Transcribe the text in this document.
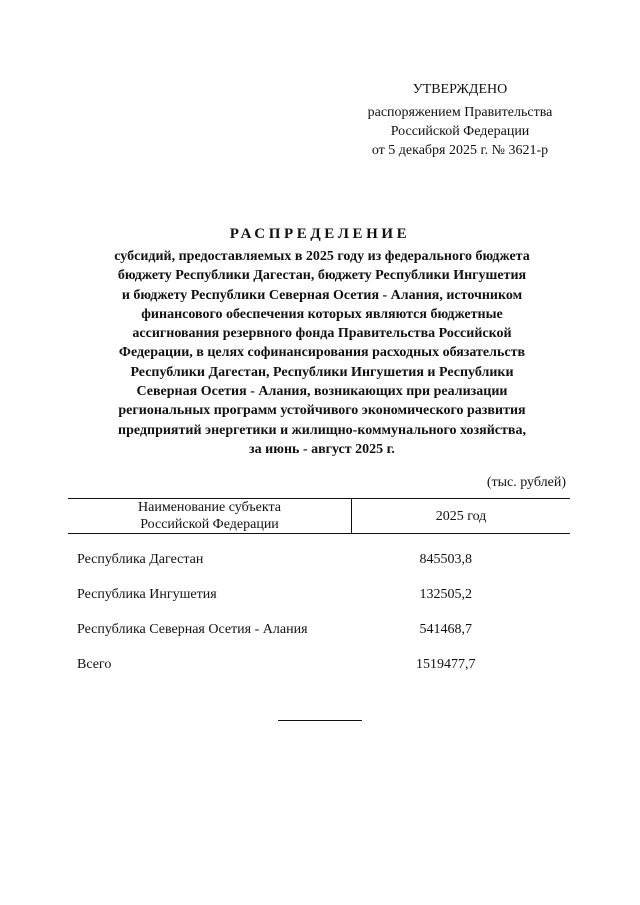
УТВЕРЖДЕНО
распоряжением Правительства
Российской Федерации
от 5 декабря 2025 г. № 3621-р
РАСПРЕДЕЛЕНИЕ
субсидий, предоставляемых в 2025 году из федерального бюджета
бюджету Республики Дагестан, бюджету Республики Ингушетия
и бюджету Республики Северная Осетия - Алания, источником
финансового обеспечения которых являются бюджетные
ассигнования резервного фонда Правительства Российской
Федерации, в целях софинансирования расходных обязательств
Республики Дагестан, Республики Ингушетия и Республики
Северная Осетия - Алания, возникающих при реализации
региональных программ устойчивого экономического развития
предприятий энергетики и жилищно-коммунального хозяйства,
за июнь - август 2025 г.
(тыс. рублей)
Наименование субъекта
Российской Федерации	2025 год
Республика Дагестан	845503,8
Республика Ингушетия	132505,2
Республика Северная Осетия - Алания	541468,7
Всего	1519477,7
